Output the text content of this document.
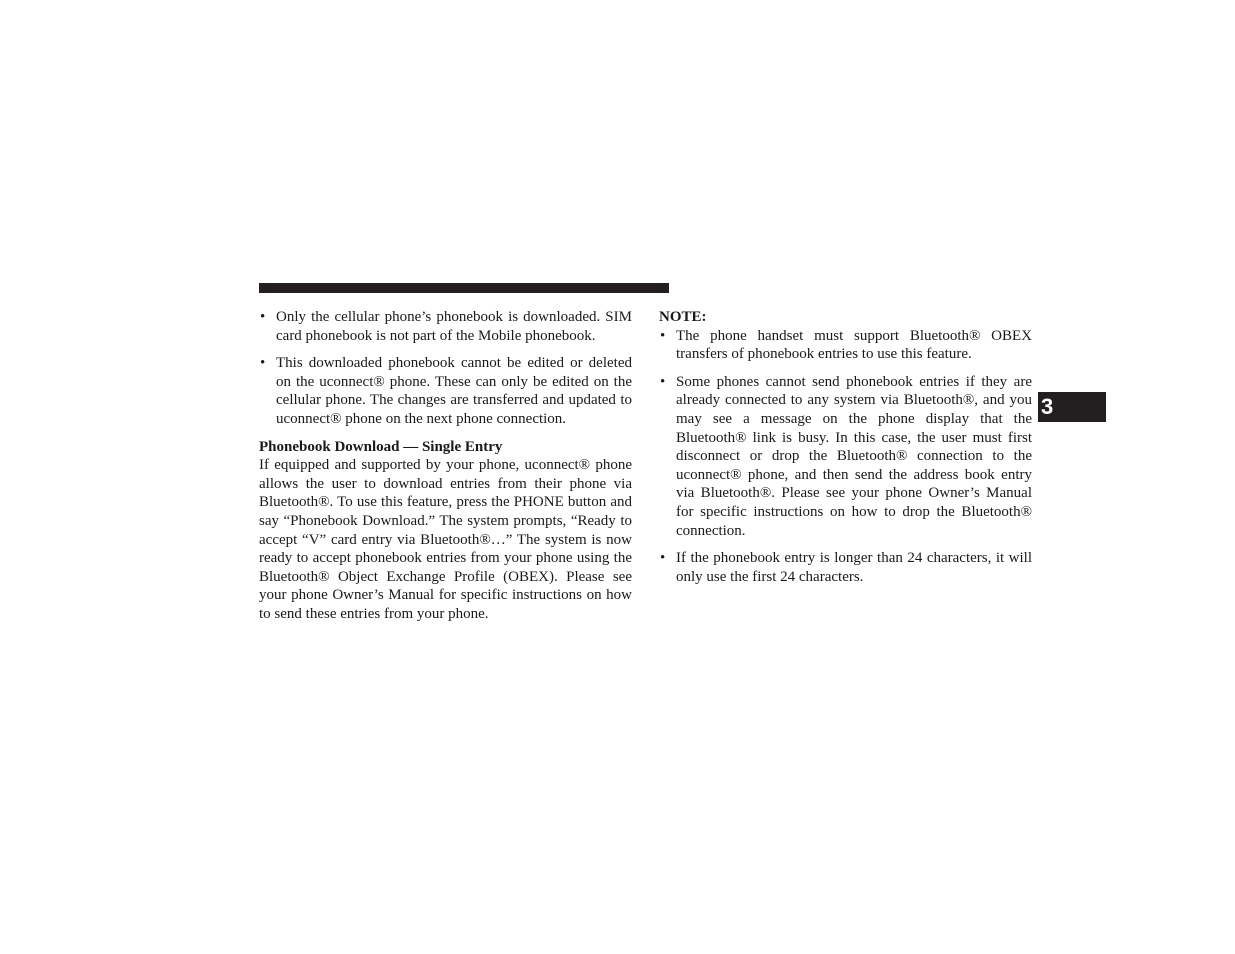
• Only the cellular phone’s phonebook is downloaded. SIM card phonebook is not part of the Mobile phonebook.
• This downloaded phonebook cannot be edited or deleted on the uconnect® phone. These can only be edited on the cellular phone. The changes are transferred and updated to uconnect® phone on the next phone connection.
Phonebook Download — Single Entry

If equipped and supported by your phone, uconnect® phone allows the user to download entries from their phone via Bluetooth®. To use this feature, press the PHONE button and say “Phonebook Download.” The system prompts, “Ready to accept “V” card entry via Bluetooth®…” The system is now ready to accept phonebook entries from your phone using the Bluetooth® Object Exchange Profile (OBEX). Please see your phone Owner’s Manual for specific instructions on how to send these entries from your phone.

NOTE:

• The phone handset must support Bluetooth® OBEX transfers of phonebook entries to use this feature.
• Some phones cannot send phonebook entries if they are already connected to any system via Bluetooth®, and you may see a message on the phone display that the Bluetooth® link is busy. In this case, the user must first disconnect or drop the Bluetooth® connection to the uconnect® phone, and then send the address book entry via Bluetooth®. Please see your phone Owner’s Manual for specific instructions on how to drop the Bluetooth® connection.
• If the phonebook entry is longer than 24 characters, it will only use the first 24 characters.
3
